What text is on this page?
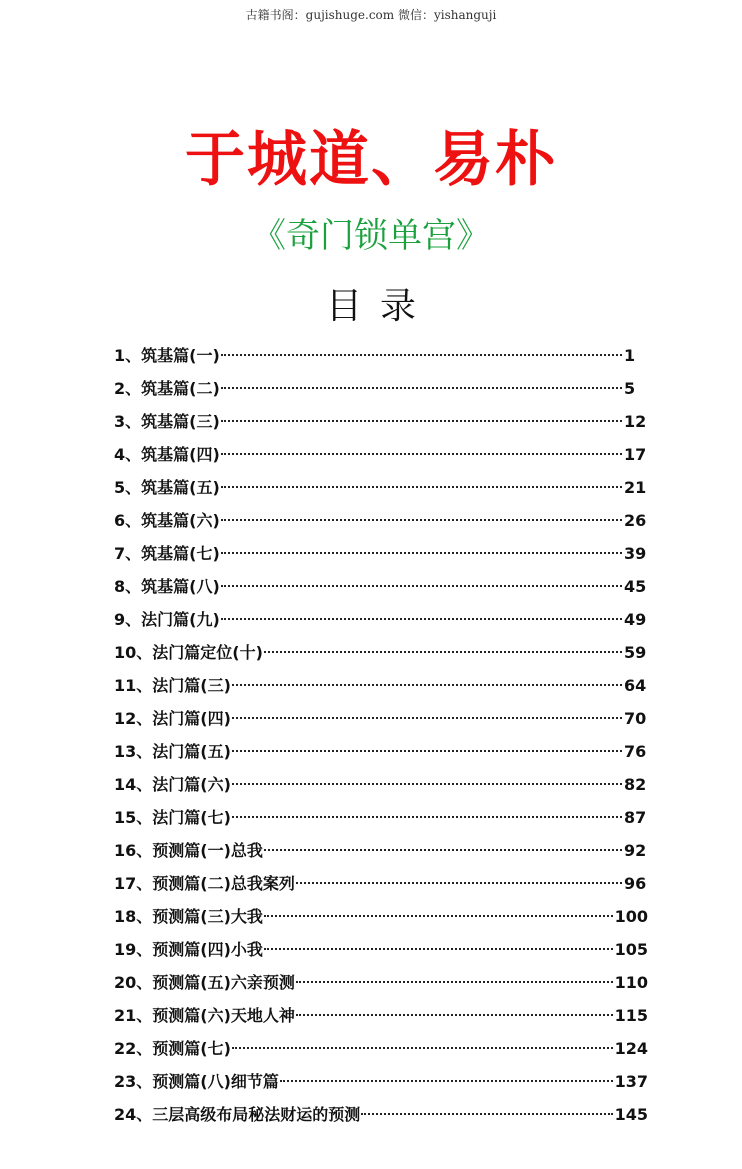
古籍书阁：gujishuge.com 微信：yishanguji
于城道、易朴
《奇门锁单宫》
目录
1、筑基篇(一)	1
2、筑基篇(二)	5
3、筑基篇(三)	12
4、筑基篇(四)	17
5、筑基篇(五)	21
6、筑基篇(六)	26
7、筑基篇(七)	39
8、筑基篇(八)	45
9、法门篇(九)	49
10、法门篇定位(十)	59
11、法门篇(三)	64
12、法门篇(四)	70
13、法门篇(五)	76
14、法门篇(六)	82
15、法门篇(七)	87
16、预测篇(一)总我	92
17、预测篇(二)总我案列	96
18、预测篇(三)大我	100
19、预测篇(四)小我	105
20、预测篇(五)六亲预测	110
21、预测篇(六)天地人神	115
22、预测篇(七)	124
23、预测篇(八)细节篇	137
24、三层高级布局秘法财运的预测	145
